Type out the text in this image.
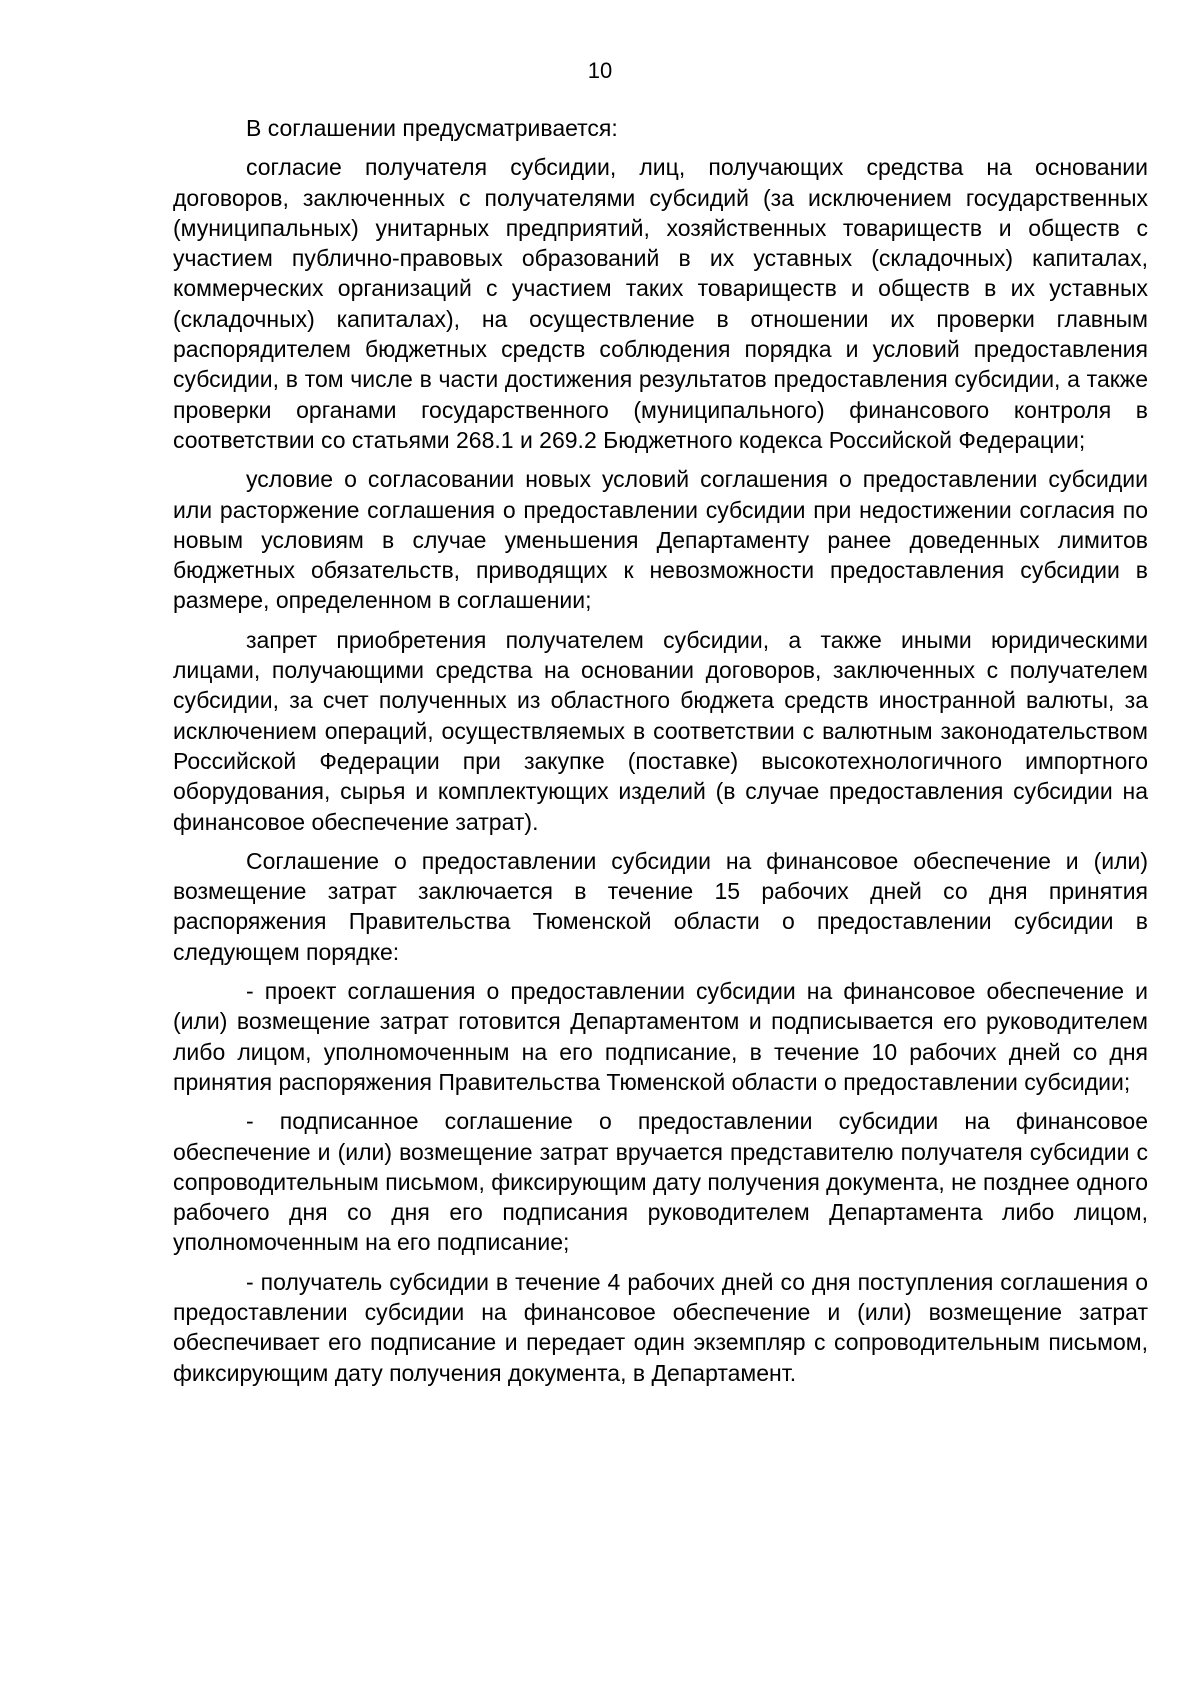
10

В соглашении предусматривается:

согласие получателя субсидии, лиц, получающих средства на основании договоров, заключенных с получателями субсидий (за исключением государственных (муниципальных) унитарных предприятий, хозяйственных товариществ и обществ с участием публично-правовых образований в их уставных (складочных) капиталах, коммерческих организаций с участием таких товариществ и обществ в их уставных (складочных) капиталах), на осуществление в отношении их проверки главным распорядителем бюджетных средств соблюдения порядка и условий предоставления субсидии, в том числе в части достижения результатов предоставления субсидии, а также проверки органами государственного (муниципального) финансового контроля в соответствии со статьями 268.1 и 269.2 Бюджетного кодекса Российской Федерации;

условие о согласовании новых условий соглашения о предоставлении субсидии или расторжение соглашения о предоставлении субсидии при недостижении согласия по новым условиям в случае уменьшения Департаменту ранее доведенных лимитов бюджетных обязательств, приводящих к невозможности предоставления субсидии в размере, определенном в соглашении;

запрет приобретения получателем субсидии, а также иными юридическими лицами, получающими средства на основании договоров, заключенных с получателем субсидии, за счет полученных из областного бюджета средств иностранной валюты, за исключением операций, осуществляемых в соответствии с валютным законодательством Российской Федерации при закупке (поставке) высокотехнологичного импортного оборудования, сырья и комплектующих изделий (в случае предоставления субсидии на финансовое обеспечение затрат).

Соглашение о предоставлении субсидии на финансовое обеспечение и (или) возмещение затрат заключается в течение 15 рабочих дней со дня принятия распоряжения Правительства Тюменской области о предоставлении субсидии в следующем порядке:

- проект соглашения о предоставлении субсидии на финансовое обеспечение и (или) возмещение затрат готовится Департаментом и подписывается его руководителем либо лицом, уполномоченным на его подписание, в течение 10 рабочих дней со дня принятия распоряжения Правительства Тюменской области о предоставлении субсидии;

- подписанное соглашение о предоставлении субсидии на финансовое обеспечение и (или) возмещение затрат вручается представителю получателя субсидии с сопроводительным письмом, фиксирующим дату получения документа, не позднее одного рабочего дня со дня его подписания руководителем Департамента либо лицом, уполномоченным на его подписание;

- получатель субсидии в течение 4 рабочих дней со дня поступления соглашения о предоставлении субсидии на финансовое обеспечение и (или) возмещение затрат обеспечивает его подписание и передает один экземпляр с сопроводительным письмом, фиксирующим дату получения документа, в Департамент.
